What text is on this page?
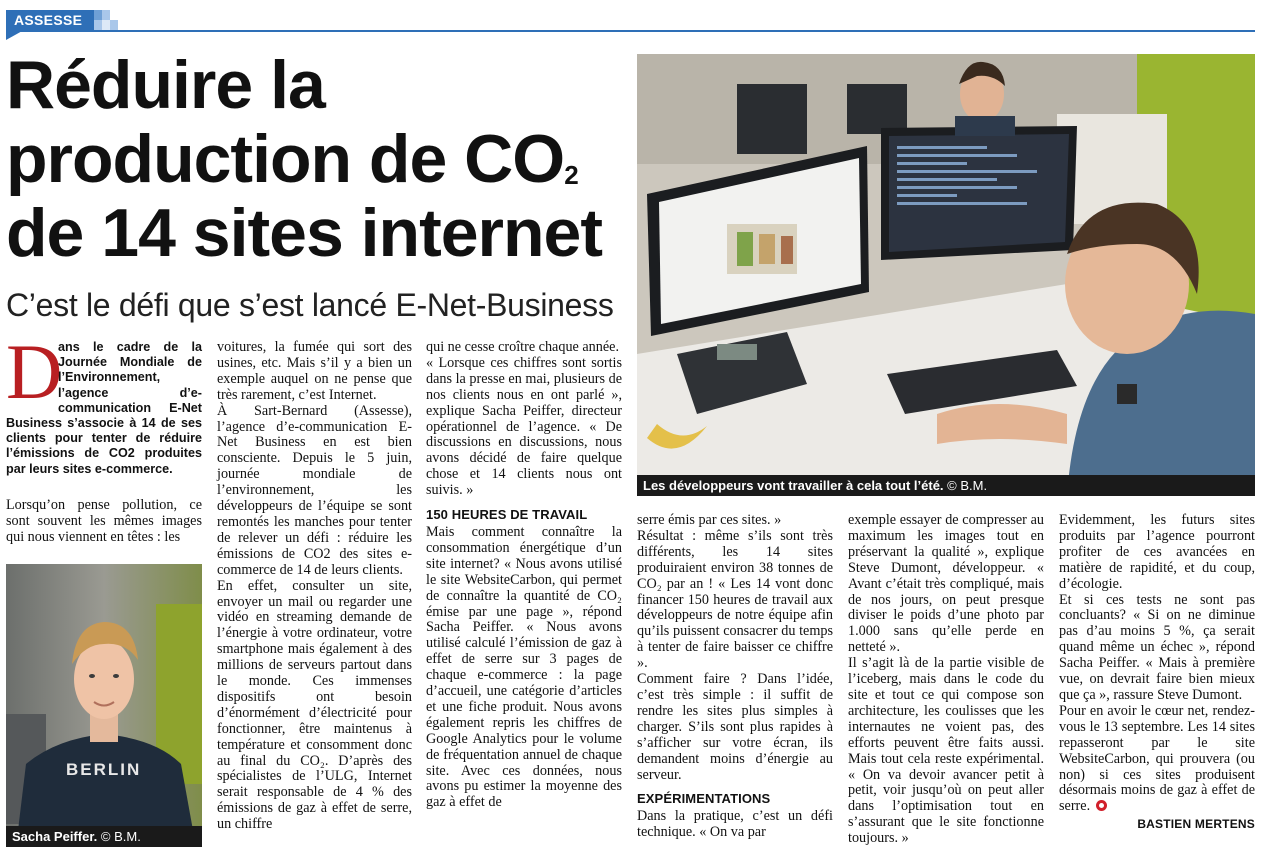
ASSESSE
Réduire la
production de $CO_2$
de 14 sites internet
C’est le défi que s’est lancé E-Net-Business
D
ans le cadre de la Journée Mondiale de l’Environnement, l’agence d’e-communication E-Net Business s’associe à 14 de ses clients pour tenter de réduire l’émissions de CO2 produites par leurs sites e-commerce.

Lorsqu’on pense pollution, ce sont souvent les mêmes images qui nous viennent en têtes : les

BERLIN
Sacha Peiffer. © B.M.
Les développeurs vont travailler à cela tout l’été. © B.M.

voitures, la fumée qui sort des usines, etc. Mais s’il y a bien un exemple auquel on ne pense que très rarement, c’est Internet.

À Sart-Bernard (Assesse), l’agence d’e-communication E-Net Business en est bien consciente. Depuis le 5 juin, journée mondiale de l’environnement, les développeurs de l’équipe se sont remontés les manches pour tenter de relever un défi : réduire les émissions de CO2 des sites e-commerce de 14 de leurs clients.

En effet, consulter un site, envoyer un mail ou regarder une vidéo en streaming demande de l’énergie à votre ordinateur, votre smartphone mais également à des millions de serveurs partout dans le monde. Ces immenses dispositifs ont besoin d’énormément d’électricité pour fonctionner, être maintenus à température et consomment donc au final du CO₂. D’après des spécialistes de l’ULG, Internet serait responsable de 4 % des émissions de gaz à effet de serre, un chiffre

qui ne cesse croître chaque année.

« Lorsque ces chiffres sont sortis dans la presse en mai, plusieurs de nos clients nous en ont parlé », explique Sacha Peiffer, directeur opérationnel de l’agence. « De discussions en discussions, nous avons décidé de faire quelque chose et 14 clients nous ont suivis. »

150 HEURES DE TRAVAIL

Mais comment connaître la consommation énergétique d’un site internet? « Nous avons utilisé le site WebsiteCarbon, qui permet de connaître la quantité de CO₂ émise par une page », répond Sacha Peiffer. « Nous avons utilisé calculé l’émission de gaz à effet de serre sur 3 pages de chaque e-commerce : la page d’accueil, une catégorie d’articles et une fiche produit. Nous avons également repris les chiffres de Google Analytics pour le volume de fréquentation annuel de chaque site. Avec ces données, nous avons pu estimer la moyenne des gaz à effet de

serre émis par ces sites. »

Résultat : même s’ils sont très différents, les 14 sites produiraient environ 38 tonnes de CO₂ par an ! « Les 14 vont donc financer 150 heures de travail aux développeurs de notre équipe afin qu’ils puissent consacrer du temps à tenter de faire baisser ce chiffre ».

Comment faire ? Dans l’idée, c’est très simple : il suffit de rendre les sites plus simples à charger. S’ils sont plus rapides à s’afficher sur votre écran, ils demandent moins d’énergie au serveur.

EXPÉRIMENTATIONS

Dans la pratique, c’est un défi technique. « On va par

exemple essayer de compresser au maximum les images tout en préservant la qualité », explique Steve Dumont, développeur. « Avant c’était très compliqué, mais de nos jours, on peut presque diviser le poids d’une photo par 1.000 sans qu’elle perde en netteté ».

Il s’agit là de la partie visible de l’iceberg, mais dans le code du site et tout ce qui compose son architecture, les coulisses que les internautes ne voient pas, des efforts peuvent être faits aussi. Mais tout cela reste expérimental. « On va devoir avancer petit à petit, voir jusqu’où on peut aller dans l’optimisation tout en s’assurant que le site fonctionne toujours. »

Evidemment, les futurs sites produits par l’agence pourront profiter de ces avancées en matière de rapidité, et du coup, d’écologie.

Et si ces tests ne sont pas concluants? « Si on ne diminue pas d’au moins 5 %, ça serait quand même un échec », répond Sacha Peiffer. « Mais à première vue, on devrait faire bien mieux que ça », rassure Steve Dumont.

Pour en avoir le cœur net, rendez-vous le 13 septembre. Les 14 sites repasseront par le site WebsiteCarbon, qui prouvera (ou non) si ces sites produisent désormais moins de gaz à effet de serre.

BASTIEN MERTENS
